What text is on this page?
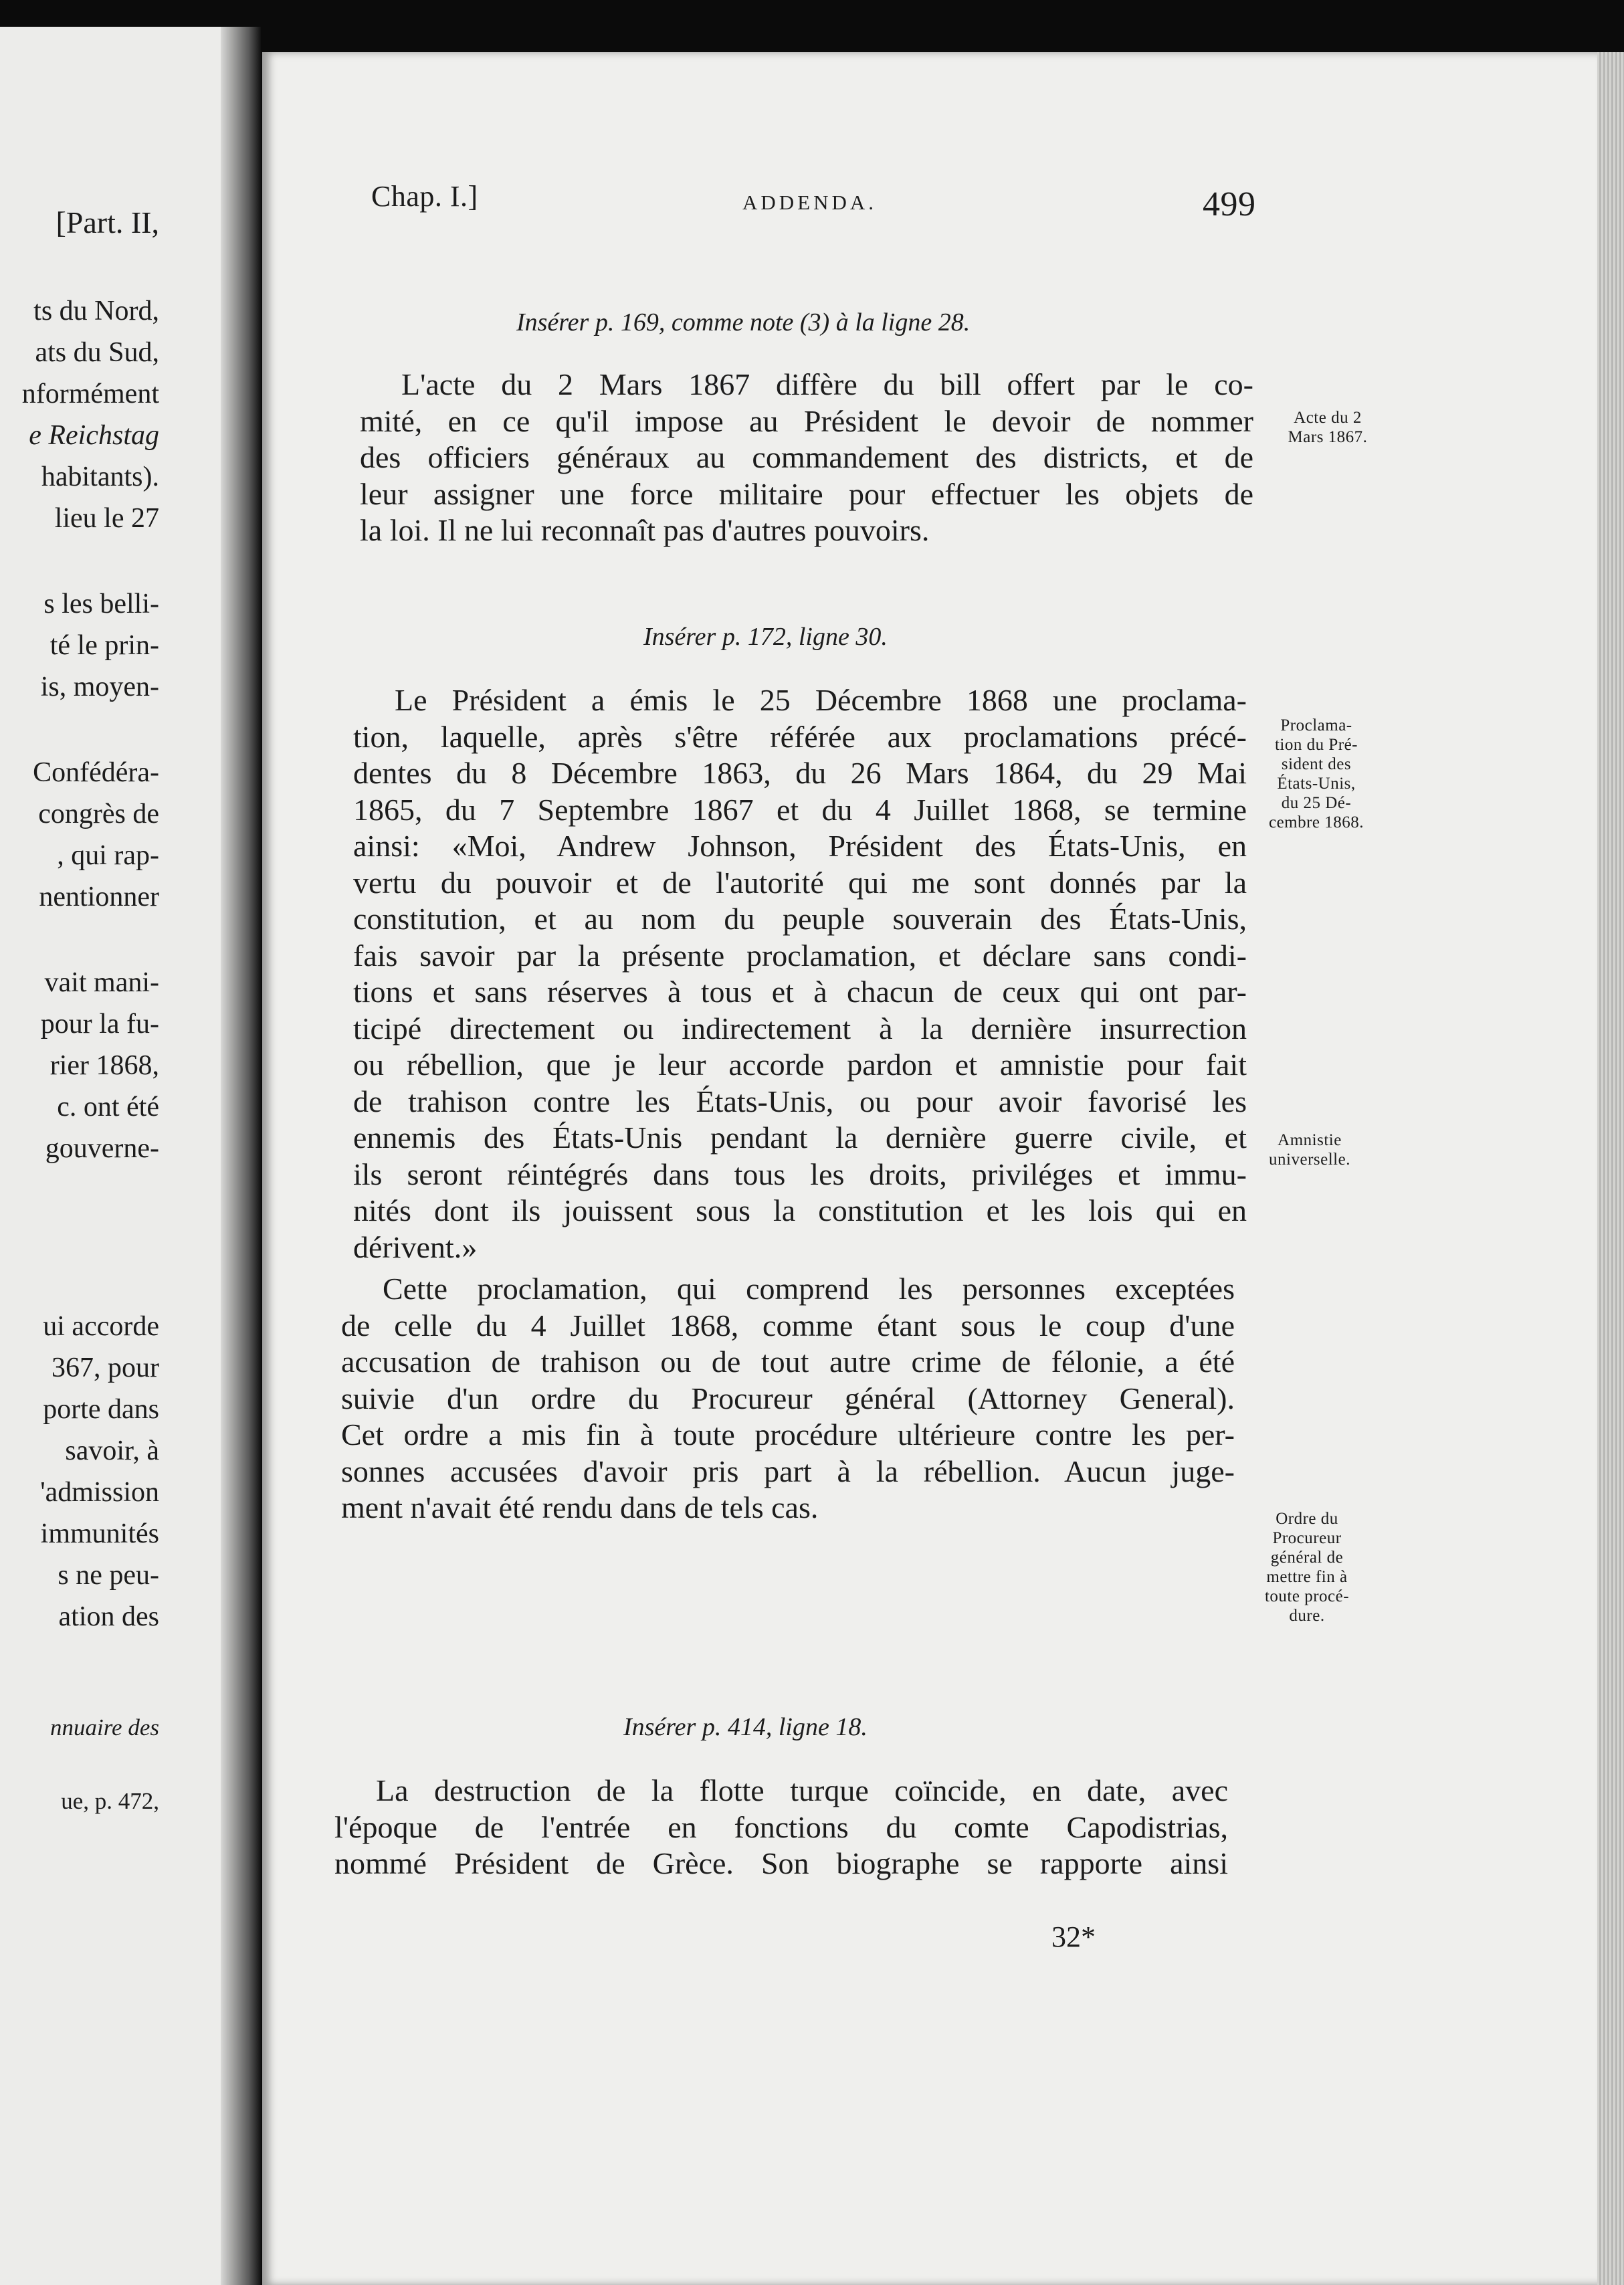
[Part. II,
ts du Nord,
ats du Sud,
nformément
e Reichstag
habitants).
lieu le 27
s les belli-
té le prin-
is, moyen-
Confédéra-
congrès de
, qui rap-
nentionner
vait mani-
pour la fu-
rier 1868,
c. ont été
gouverne-
ui accorde
367, pour
porte dans
savoir, à
'admission
immunités
s ne peu-
ation des
nnuaire des
ue, p. 472,
Chap. I.]	ADDENDA.	499
Insérer p. 169, comme note (3) à la ligne 28.
L'acte du 2 Mars 1867 diffère du bill offert par le co-
mité, en ce qu'il impose au Président le devoir de nommer
des officiers généraux au commandement des districts, et de
leur assigner une force militaire pour effectuer les objets de
la loi. Il ne lui reconnaît pas d'autres pouvoirs.
Insérer p. 172, ligne 30.
Le Président a émis le 25 Décembre 1868 une proclama-
tion, laquelle, après s'être référée aux proclamations précé-
dentes du 8 Décembre 1863, du 26 Mars 1864, du 29 Mai
1865, du 7 Septembre 1867 et du 4 Juillet 1868, se termine
ainsi: «Moi, Andrew Johnson, Président des États-Unis, en
vertu du pouvoir et de l'autorité qui me sont donnés par la
constitution, et au nom du peuple souverain des États-Unis,
fais savoir par la présente proclamation, et déclare sans condi-
tions et sans réserves à tous et à chacun de ceux qui ont par-
ticipé directement ou indirectement à la dernière insurrection
ou rébellion, que je leur accorde pardon et amnistie pour fait
de trahison contre les États-Unis, ou pour avoir favorisé les
ennemis des États-Unis pendant la dernière guerre civile, et
ils seront réintégrés dans tous les droits, priviléges et immu-
nités dont ils jouissent sous la constitution et les lois qui en
dérivent.»
Cette proclamation, qui comprend les personnes exceptées
de celle du 4 Juillet 1868, comme étant sous le coup d'une
accusation de trahison ou de tout autre crime de félonie, a été
suivie d'un ordre du Procureur général (Attorney General).
Cet ordre a mis fin à toute procédure ultérieure contre les per-
sonnes accusées d'avoir pris part à la rébellion. Aucun juge-
ment n'avait été rendu dans de tels cas.
Insérer p. 414, ligne 18.
La destruction de la flotte turque coïncide, en date, avec
l'époque de l'entrée en fonctions du comte Capodistrias,
nommé Président de Grèce. Son biographe se rapporte ainsi
Acte du 2
Mars 1867.
Proclama-
tion du Pré-
sident des
États-Unis,
du 25 Dé-
cembre 1868.
Amnistie
universelle.
Ordre du
Procureur
général de
mettre fin à
toute procé-
dure.
32*
